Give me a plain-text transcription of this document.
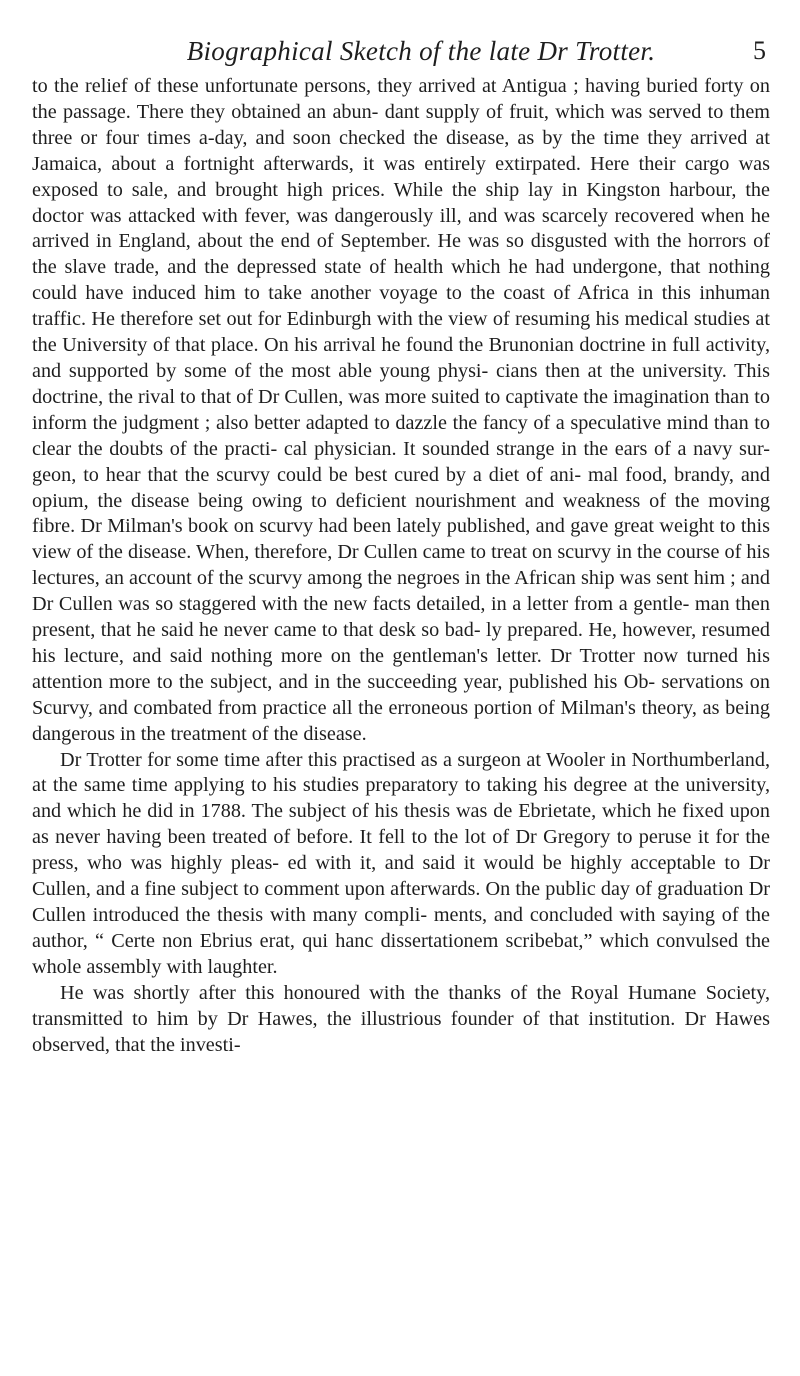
Biographical Sketch of the late Dr Trotter.	5

to the relief of these unfortunate persons, they arrived at Antigua ; having buried forty on the passage. There they obtained an abun- dant supply of fruit, which was served to them three or four times a-day, and soon checked the disease, as by the time they arrived at Jamaica, about a fortnight afterwards, it was entirely extirpated. Here their cargo was exposed to sale, and brought high prices. While the ship lay in Kingston harbour, the doctor was attacked with fever, was dangerously ill, and was scarcely recovered when he arrived in England, about the end of September. He was so disgusted with the horrors of the slave trade, and the depressed state of health which he had undergone, that nothing could have induced him to take another voyage to the coast of Africa in this inhuman traffic. He therefore set out for Edinburgh with the view of resuming his medical studies at the University of that place. On his arrival he found the Brunonian doctrine in full activity, and supported by some of the most able young physi- cians then at the university. This doctrine, the rival to that of Dr Cullen, was more suited to captivate the imagination than to inform the judgment ; also better adapted to dazzle the fancy of a speculative mind than to clear the doubts of the practi- cal physician. It sounded strange in the ears of a navy sur- geon, to hear that the scurvy could be best cured by a diet of ani- mal food, brandy, and opium, the disease being owing to deficient nourishment and weakness of the moving fibre. Dr Milman's book on scurvy had been lately published, and gave great weight to this view of the disease. When, therefore, Dr Cullen came to treat on scurvy in the course of his lectures, an account of the scurvy among the negroes in the African ship was sent him ; and Dr Cullen was so staggered with the new facts detailed, in a letter from a gentle- man then present, that he said he never came to that desk so bad- ly prepared. He, however, resumed his lecture, and said nothing more on the gentleman's letter. Dr Trotter now turned his attention more to the subject, and in the succeeding year, published his Ob- servations on Scurvy, and combated from practice all the erroneous portion of Milman's theory, as being dangerous in the treatment of the disease.

Dr Trotter for some time after this practised as a surgeon at Wooler in Northumberland, at the same time applying to his studies preparatory to taking his degree at the university, and which he did in 1788. The subject of his thesis was de Ebrietate, which he fixed upon as never having been treated of before. It fell to the lot of Dr Gregory to peruse it for the press, who was highly pleas- ed with it, and said it would be highly acceptable to Dr Cullen, and a fine subject to comment upon afterwards. On the public day of graduation Dr Cullen introduced the thesis with many compli- ments, and concluded with saying of the author, “ Certe non Ebrius erat, qui hanc dissertationem scribebat,” which convulsed the whole assembly with laughter.

He was shortly after this honoured with the thanks of the Royal Humane Society, transmitted to him by Dr Hawes, the illustrious founder of that institution. Dr Hawes observed, that the investi-
